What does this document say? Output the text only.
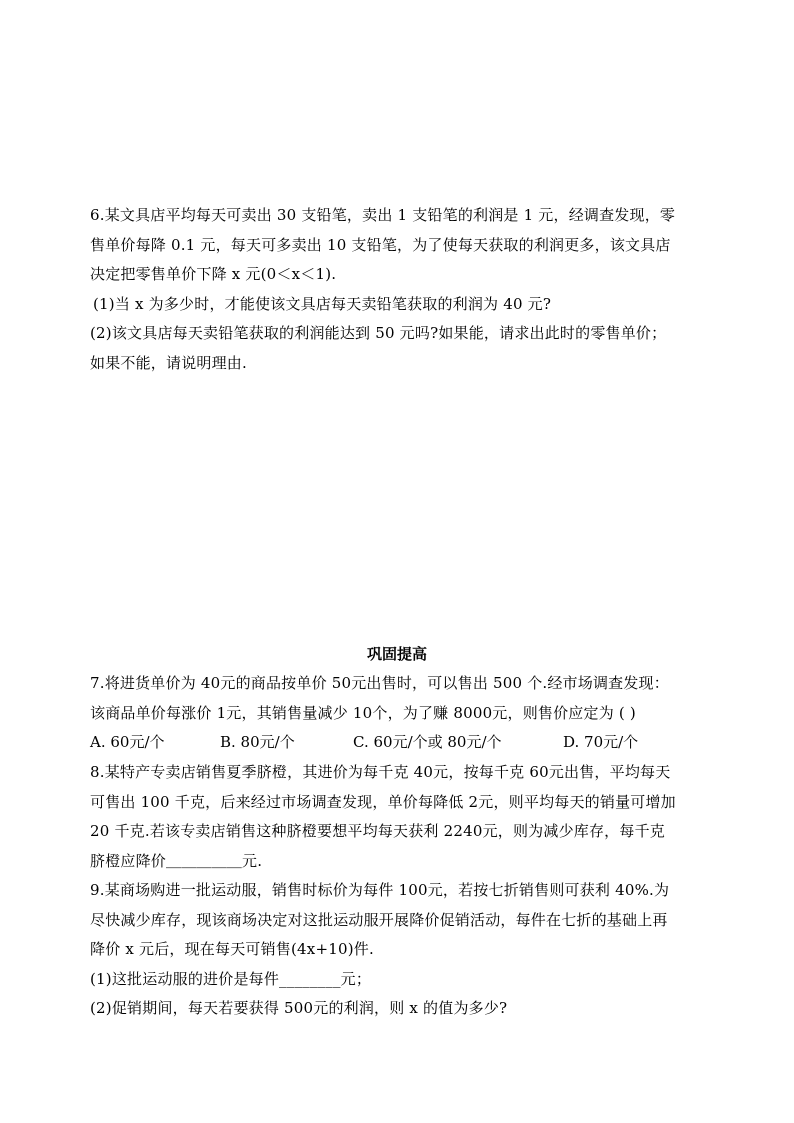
6.某文具店平均每天可卖出 30 支铅笔，卖出 1 支铅笔的利润是 1 元，经调查发现，零
售单价每降 0.1 元，每天可多卖出 10 支铅笔，为了使每天获取的利润更多，该文具店
决定把零售单价下降 x 元(0＜x＜1).
(1)当 x 为多少时，才能使该文具店每天卖铅笔获取的利润为 40 元?
(2)该文具店每天卖铅笔获取的利润能达到 50 元吗?如果能，请求出此时的零售单价；
如果不能，请说明理由.
巩固提高
7.将进货单价为 40元的商品按单价 50元出售时，可以售出 500 个.经市场调查发现：
该商品单价每涨价 1元，其销售量减少 10个，为了赚 8000元，则售价应定为 ( )
A. 60元/个	B. 80元/个	C. 60元/个或 80元/个	D. 70元/个
8.某特产专卖店销售夏季脐橙，其进价为每千克 40元，按每千克 60元出售，平均每天
可售出 100 千克，后来经过市场调查发现，单价每降低 2元，则平均每天的销量可增加
20 千克.若该专卖店销售这种脐橙要想平均每天获利 2240元，则为减少库存，每千克
脐橙应降价＿＿＿＿＿元.
9.某商场购进一批运动服，销售时标价为每件 100元，若按七折销售则可获利 40%.为
尽快减少库存，现该商场决定对这批运动服开展降价促销活动，每件在七折的基础上再
降价 x 元后，现在每天可销售(4x+10)件.
(1)这批运动服的进价是每件________元；
(2)促销期间，每天若要获得 500元的利润，则 x 的值为多少?
